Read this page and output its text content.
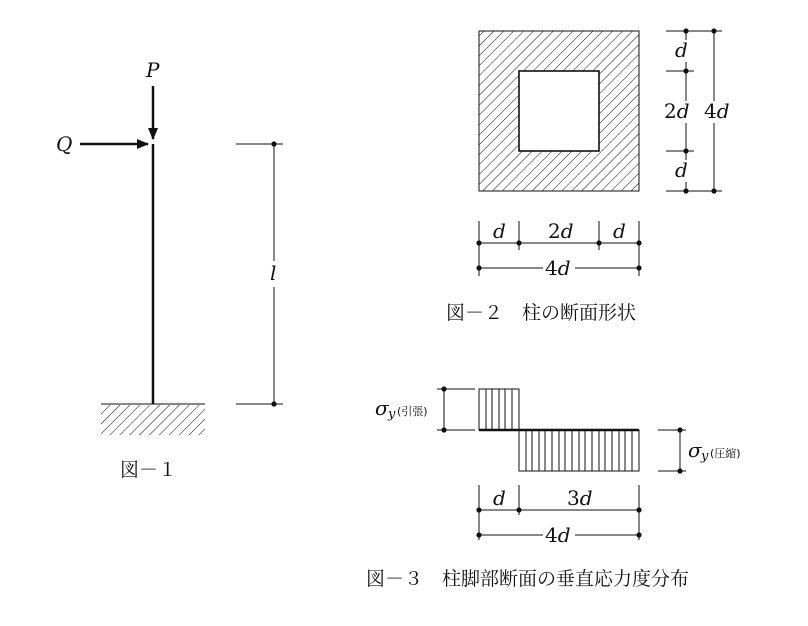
P
Q
l
図－１
d
2d
d
4d
d 2d d
4d
図－２　柱の断面形状
σ y (引張)
σ y (圧縮)
d	3d
4d
図－３　柱脚部断面の垂直応力度分布
